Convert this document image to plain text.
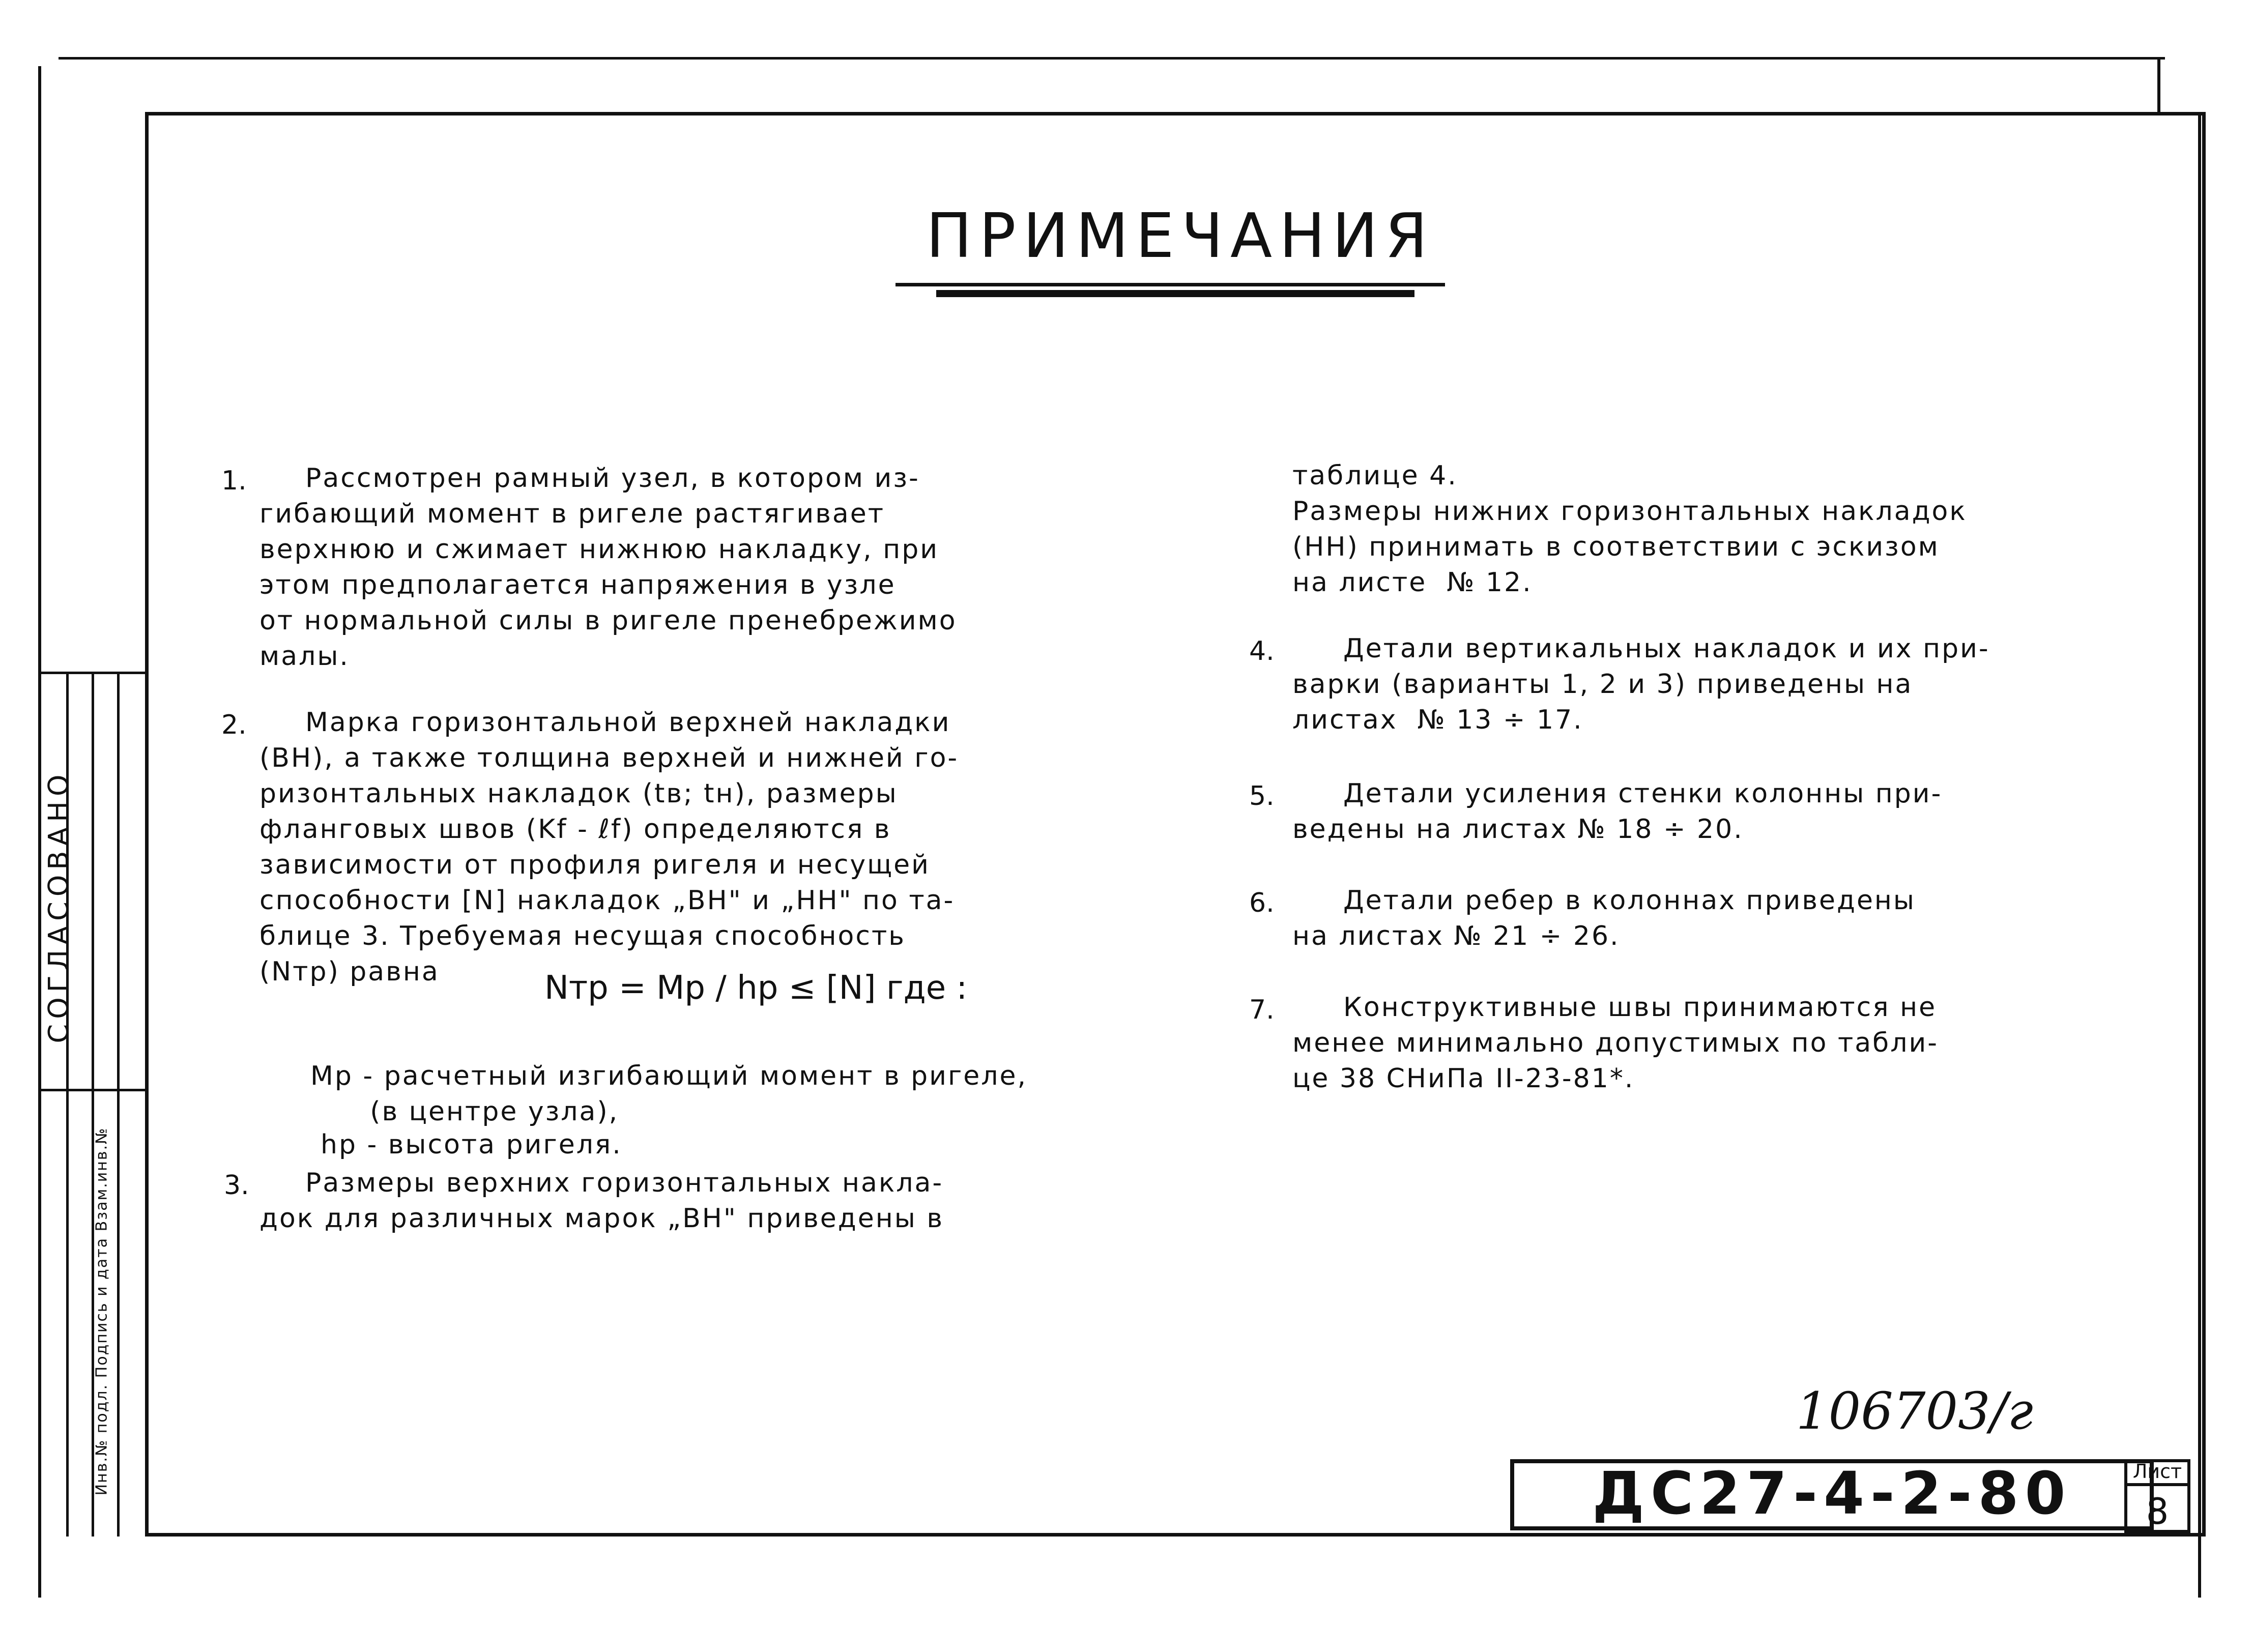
СОГЛАСОВАНО
Инв.№ подл. Подпись и дата Взам.инв.№
ПРИМЕЧАНИЯ
1.	Рассмотрен рамный узел, в котором из-
гибающий момент в ригеле растягивает
верхнюю и сжимает нижнюю накладку, при
этом предполагается напряжения в узле
от нормальной силы в ригеле пренебрежимо
малы.
2.	Марка горизонтальной верхней накладки
(ВН), а также толщина верхней и нижней го-
ризонтальных накладок (tв; tн), размеры
фланговых швов (Kf - ℓf) определяются в
зависимости от профиля ригеля и несущей
способности [N] накладок „ВН" и „НН" по та-
блице 3. Требуемая несущая способность
(Nтр) равна	Nтр = Mр / hр ≤ [N] где :
Mр - расчетный изгибающий момент в ригеле,
(в центре узла),
hр - высота ригеля.
3.	Размеры верхних горизонтальных накла-
док для различных марок „ВН" приведены в
таблице 4.
Размеры нижних горизонтальных накладок
(НН) принимать в соответствии с эскизом
на листе  № 12.
4.	Детали вертикальных накладок и их при-
варки (варианты 1, 2 и 3) приведены на
листах  № 13 ÷ 17.
5.	Детали усиления стенки колонны при-
ведены на листах № 18 ÷ 20.
6.	Детали ребер в колоннах приведены
на листах № 21 ÷ 26.
7.	Конструктивные швы принимаются не
менее минимально допустимых по табли-
це 38 СНиПа II-23-81*.
106703/г
ДС27-4-2-80	Лист
8
